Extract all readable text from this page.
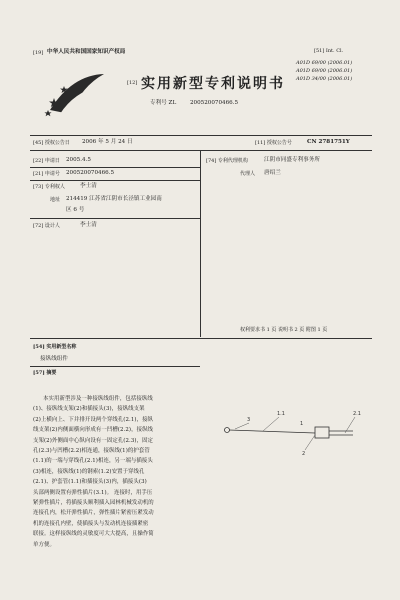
[19] 中华人民共和国国家知识产权局
[12] 实用新型专利说明书
专利号 ZL 200520070466.5
[51] Int. Cl.
A01D 69/00 (2006.01)
A01D 69/00 (2006.01)
A01D 34/00 (2006.01)
[45] 授权公告日 2006 年 5 月 24 日	[11] 授权公告号	CN 2781751Y
[22] 申请日 2005.4.5
[21] 申请号 200520070466.5
[73] 专利权人	李士清
地址 214419 江苏省江阴市长泾镇工业园南
区 6 号
[72] 设计人	李士清
[74] 专利代理机构	江阴市同盛专利事务所
代理人 唐绍兰
权利要求书 1 页 说明书 2 页 附图 1 页
[54] 实用新型名称
接纵线组件
[57] 摘要
本实用新型涉及一种接纵线组件，包括接纵线
(1)、接纵线支架(2)和插接头(3)，接纵线支架
(2)上横向上、下并排开设两个穿线孔(2.1)，接纵
线支架(2)内侧面横向形成有一凹槽(2.2)，接纵线
支架(2)外侧面中心纵向设有一固定孔(2.3)，固定
孔(2.3)与凹槽(2.2)相连通，接纵线(1)的护套管
(1.1)的一端与穿线孔(2.1)相连，另一端与插接头
(3)相连，接纵线(1)的钢索(1.2)安置于穿线孔
(2.1)、护套管(1.1)和插接头(3)内，插接头(3)
头部两侧设置有弹性插片(3.1)。 连接时，用手压
紧弹性插片，将插接头顺利插入园林机械发动机的
连接孔内，松开弹性插片，弹性插片紧密压紧发动
机的连接孔内壁，使插接头与发动机连接插紧密
联接。这样接纵线的灵敏度可大大提高，且操作简
单方便。
3
1.1
1
2
2.1
